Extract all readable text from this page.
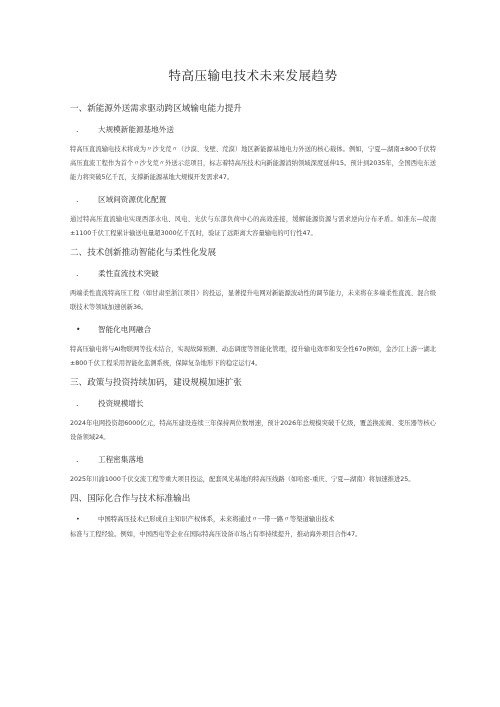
特高压输电技术未来发展趋势
一、新能源外送需求驱动跨区域输电能力提升
.	大规模新能源基地外送
特高压直流输电技术将成为〃沙戈荒〃（沙漠、戈壁、荒漠）地区新能源基地电力外送的核心载体。例如，宁夏—湖南±800千伏特高压直流工程作为首个〃沙戈荒〃外送示范项目，标志着特高压技术向新能源消纳领域深度延伸15。预计到2035年，全国西电东送能力将突破5亿千瓦，支撑新能源基地大规模开发需求47。
.	区域间资源优化配置
通过特高压直流输电实现西部水电、风电、光伏与东部负荷中心的高效连接，缓解能源资源与需求逆向分布矛盾。如准东—皖南±1100千伏工程累计输送电量超3000亿千瓦时，验证了远距离大容量输电的可行性47。
二、技术创新推动智能化与柔性化发展
.	柔性直流技术突破
两端柔性直流特高压工程（如甘肃至浙江项目）的投运，显著提升电网对新能源波动性的调节能力，未来将在多端柔性直流、混合级联技术等领域加速创新36。
• 智能化电网融合
特高压输电将与AI物联网等技术结合，实现故障预测、动态调度等智能化管理，提升输电效率和安全性67o例如，金沙江上游一湖北±800千伏工程采用智能化监测系统，保障复杂地形下的稳定运行4。
三、政策与投资持续加码，建设规模加速扩张
.	投资规模增长
2024年电网投资超6000亿元，特高压建设连续三年保持两位数增速，预计2026年总规模突破千亿级，覆盖换流阀、变压器等核心设备领域24。
.	工程密集落地
2025年川渝1000千伏交流工程等重大项目投运，配套风光基地的特高压线路（如哈密-重庆、宁夏—湖南）将加速推进25。
四、国际化合作与技术标准输出
•	中国特高压技术已形成自主知识产权体系，未来将通过〃一带一路〃等渠道输出技术
标准与工程经验。例如，中国西电等企业在国际特高压设备市场占有率持续提升，推动海外项目合作47。
